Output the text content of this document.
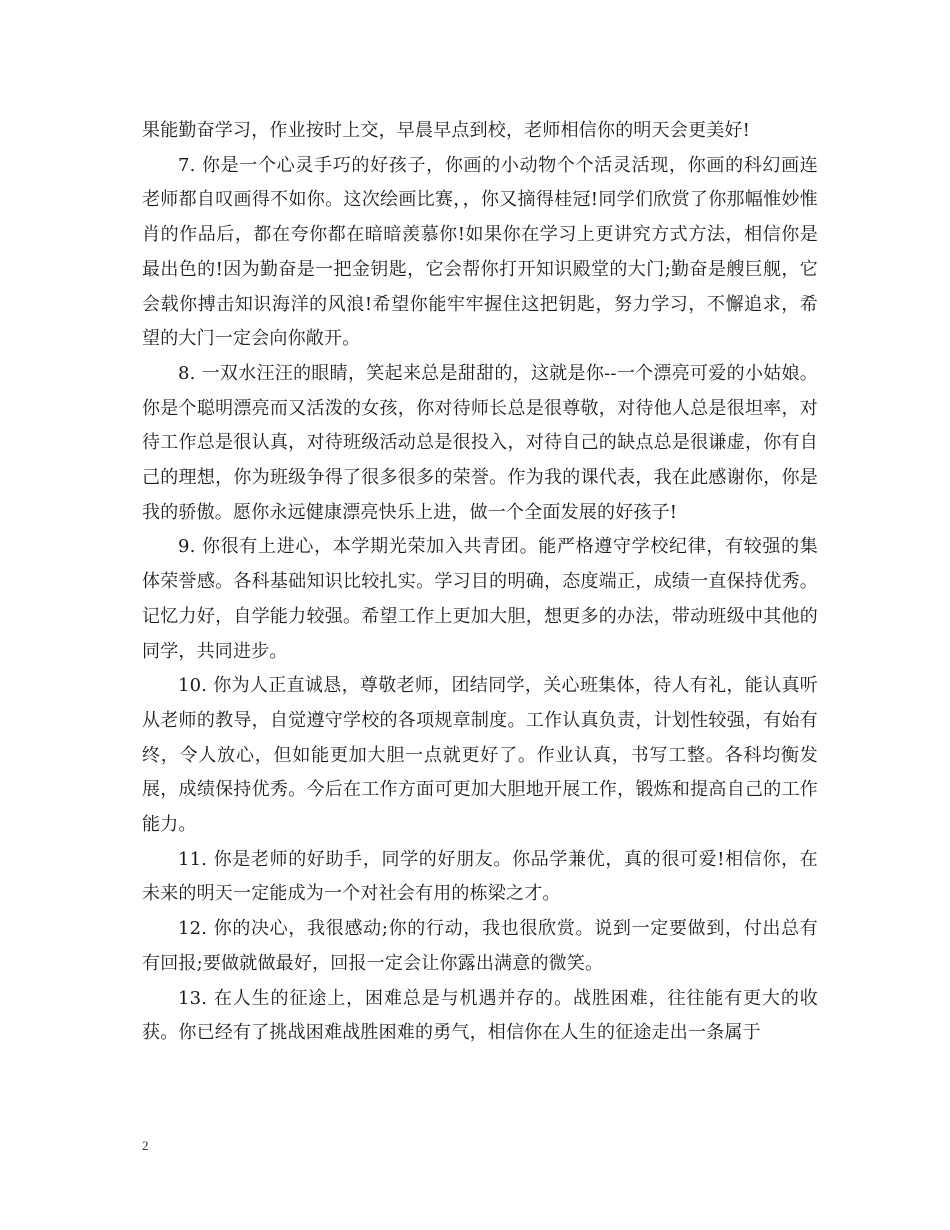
果能勤奋学习，作业按时上交，早晨早点到校，老师相信你的明天会更美好!

7. 你是一个心灵手巧的好孩子，你画的小动物个个活灵活现，你画的科幻画连老师都自叹画得不如你。这次绘画比赛，，你又摘得桂冠!同学们欣赏了你那幅惟妙惟肖的作品后，都在夸你都在暗暗羡慕你!如果你在学习上更讲究方式方法，相信你是最出色的!因为勤奋是一把金钥匙，它会帮你打开知识殿堂的大门;勤奋是艘巨舰，它会载你搏击知识海洋的风浪!希望你能牢牢握住这把钥匙，努力学习，不懈追求，希望的大门一定会向你敞开。

8. 一双水汪汪的眼睛，笑起来总是甜甜的，这就是你--一个漂亮可爱的小姑娘。你是个聪明漂亮而又活泼的女孩，你对待师长总是很尊敬，对待他人总是很坦率，对待工作总是很认真，对待班级活动总是很投入，对待自己的缺点总是很谦虚，你有自己的理想，你为班级争得了很多很多的荣誉。作为我的课代表，我在此感谢你，你是我的骄傲。愿你永远健康漂亮快乐上进，做一个全面发展的好孩子!

9. 你很有上进心，本学期光荣加入共青团。能严格遵守学校纪律，有较强的集体荣誉感。各科基础知识比较扎实。学习目的明确，态度端正，成绩一直保持优秀。记忆力好，自学能力较强。希望工作上更加大胆，想更多的办法，带动班级中其他的同学，共同进步。

10. 你为人正直诚恳，尊敬老师，团结同学，关心班集体，待人有礼，能认真听从老师的教导，自觉遵守学校的各项规章制度。工作认真负责，计划性较强，有始有终，令人放心，但如能更加大胆一点就更好了。作业认真，书写工整。各科均衡发展，成绩保持优秀。今后在工作方面可更加大胆地开展工作，锻炼和提高自己的工作能力。

11. 你是老师的好助手，同学的好朋友。你品学兼优，真的很可爱!相信你，在未来的明天一定能成为一个对社会有用的栋梁之才。

12. 你的决心，我很感动;你的行动，我也很欣赏。说到一定要做到，付出总有有回报;要做就做最好，回报一定会让你露出满意的微笑。

13. 在人生的征途上，困难总是与机遇并存的。战胜困难，往往能有更大的收获。你已经有了挑战困难战胜困难的勇气，相信你在人生的征途走出一条属于

2
